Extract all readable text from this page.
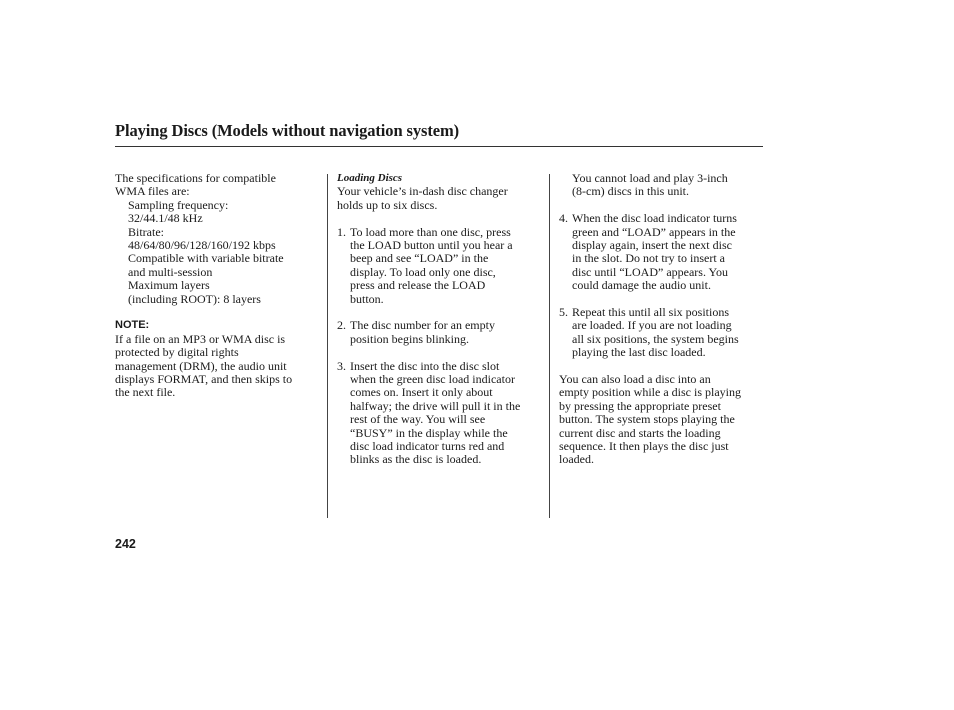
Playing Discs (Models without navigation system)

The specifications for compatible

WMA files are:

Sampling frequency:

32/44.1/48 kHz

Bitrate:

48/64/80/96/128/160/192 kbps

Compatible with variable bitrate

and multi-session

Maximum layers

(including ROOT): 8 layers

NOTE:

If a file on an MP3 or WMA disc is

protected by digital rights

management (DRM), the audio unit

displays FORMAT, and then skips to

the next file.

Loading Discs

Your vehicle’s in-dash disc changer

holds up to six discs.

1. To load more than one disc, press

the LOAD button until you hear a

beep and see “LOAD” in the

display. To load only one disc,

press and release the LOAD

button.

2. The disc number for an empty

position begins blinking.

3. Insert the disc into the disc slot

when the green disc load indicator

comes on. Insert it only about

halfway; the drive will pull it in the

rest of the way. You will see

“BUSY” in the display while the

disc load indicator turns red and

blinks as the disc is loaded.

You cannot load and play 3-inch

(8-cm) discs in this unit.

4. When the disc load indicator turns

green and “LOAD” appears in the

display again, insert the next disc

in the slot. Do not try to insert a

disc until “LOAD” appears. You

could damage the audio unit.

5. Repeat this until all six positions

are loaded. If you are not loading

all six positions, the system begins

playing the last disc loaded.

You can also load a disc into an

empty position while a disc is playing

by pressing the appropriate preset

button. The system stops playing the

current disc and starts the loading

sequence. It then plays the disc just

loaded.

242
